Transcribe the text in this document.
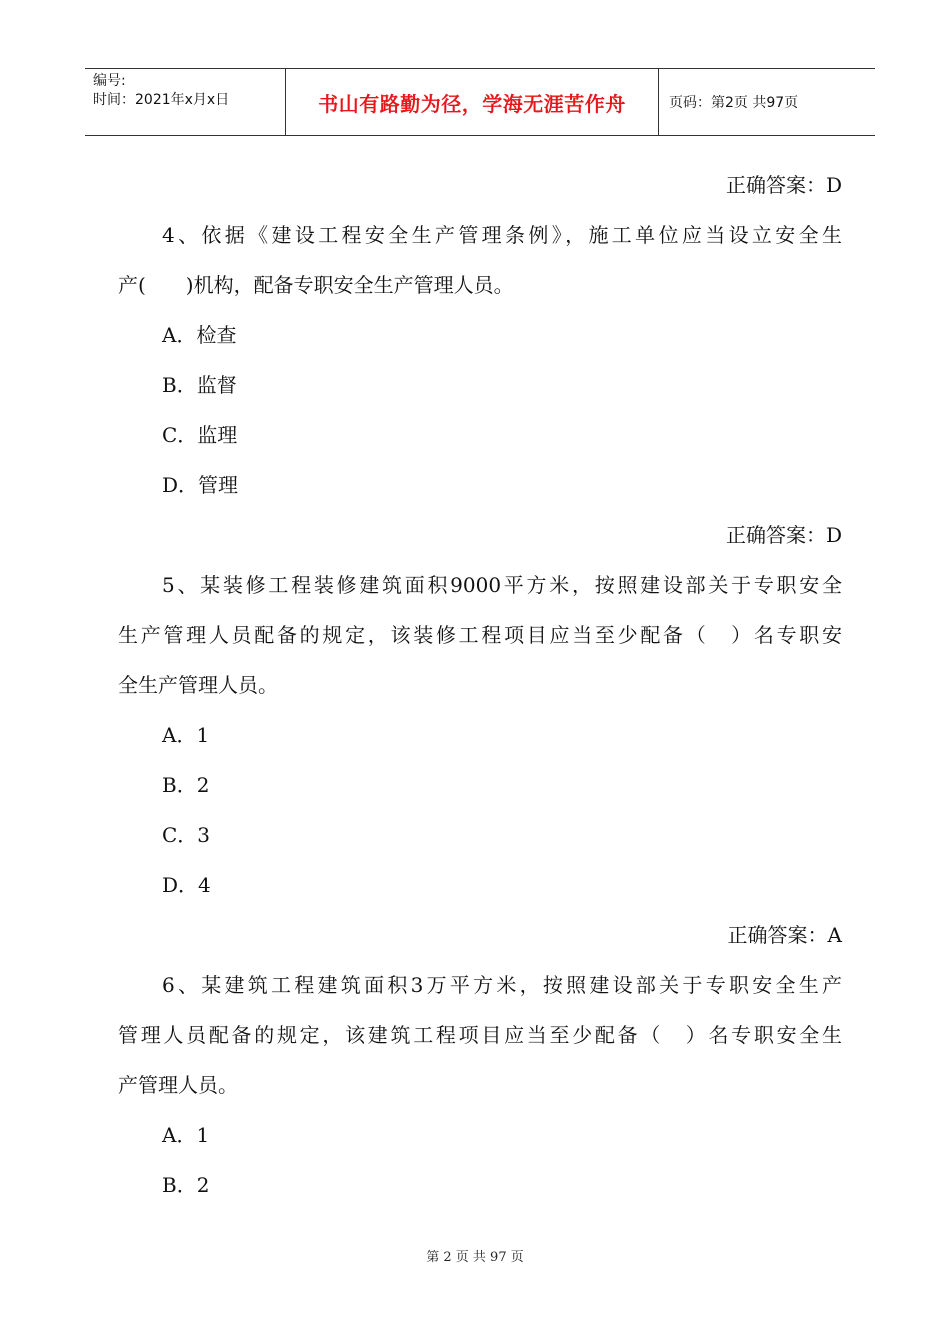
编号:
时间：2021年x月x日	书山有路勤为径，学海无涯苦作舟	页码：第2页 共97页
正确答案：D
4、依据《建设工程安全生产管理条例》，施工单位应当设立安全生
产(　　)机构，配备专职安全生产管理人员。
A．检查
B．监督
C．监理
D．管理
正确答案：D
5、某装修工程装修建筑面积9000平方米，按照建设部关于专职安全
生产管理人员配备的规定，该装修工程项目应当至少配备（　）名专职安
全生产管理人员。
A．1
B．2
C．3
D．4
正确答案：A
6、某建筑工程建筑面积3万平方米，按照建设部关于专职安全生产
管理人员配备的规定，该建筑工程项目应当至少配备（　）名专职安全生
产管理人员。
A．1
B．2
第 2 页 共 97 页
